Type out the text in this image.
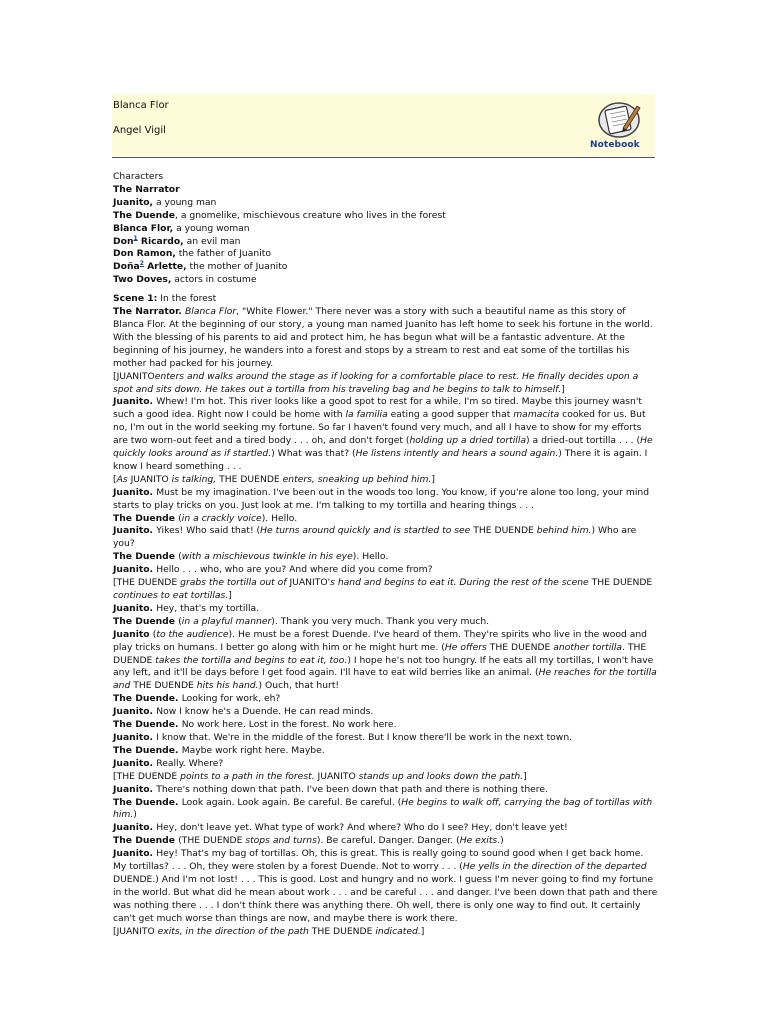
Blanca Flor
Angel Vigil
Notebook
Characters
The Narrator
Juanito, a young man
The Duende, a gnomelike, mischievous creature who lives in the forest
Blanca Flor, a young woman
Don$^1$ Ricardo, an evil man
Don Ramon, the father of Juanito
Doña$^2$ Arlette, the mother of Juanito
Two Doves, actors in costume
Scene 1: In the forest
The Narrator. Blanca Flor, "White Flower." There never was a story with such a beautiful name as this story of Blanca Flor. At the beginning of our story, a young man named Juanito has left home to seek his fortune in the world. With the blessing of his parents to aid and protect him, he has begun what will be a fantastic adventure. At the beginning of his journey, he wanders into a forest and stops by a stream to rest and eat some of the tortillas his mother had packed for his journey.
[JUANITOenters and walks around the stage as if looking for a comfortable place to rest. He finally decides upon a spot and sits down. He takes out a tortilla from his traveling bag and he begins to talk to himself.]
Juanito. Whew! I'm hot. This river looks like a good spot to rest for a while. I'm so tired. Maybe this journey wasn't such a good idea. Right now I could be home with la familia eating a good supper that mamacita cooked for us. But no, I'm out in the world seeking my fortune. So far I haven't found very much, and all I have to show for my efforts are two worn-out feet and a tired body . . . oh, and don't forget (holding up a dried tortilla) a dried-out tortilla . . . (He quickly looks around as if startled.) What was that? (He listens intently and hears a sound again.) There it is again. I know I heard something . . .
[As JUANITO is talking, THE DUENDE enters, sneaking up behind him.]
Juanito. Must be my imagination. I've been out in the woods too long. You know, if you're alone too long, your mind starts to play tricks on you. Just look at me. I'm talking to my tortilla and hearing things . . .
The Duende (in a crackly voice). Hello.
Juanito. Yikes! Who said that! (He turns around quickly and is startled to see THE DUENDE behind him.) Who are you?
The Duende (with a mischievous twinkle in his eye). Hello.
Juanito. Hello . . . who, who are you? And where did you come from?
[THE DUENDE grabs the tortilla out of JUANITO's hand and begins to eat it. During the rest of the scene THE DUENDE continues to eat tortillas.]
Juanito. Hey, that's my tortilla.
The Duende (in a playful manner). Thank you very much. Thank you very much.
Juanito (to the audience). He must be a forest Duende. I've heard of them. They're spirits who live in the wood and play tricks on humans. I better go along with him or he might hurt me. (He offers THE DUENDE another tortilla. THE DUENDE takes the tortilla and begins to eat it, too.) I hope he's not too hungry. If he eats all my tortillas, I won't have any left, and it'll be days before I get food again. I'll have to eat wild berries like an animal. (He reaches for the tortilla and THE DUENDE hits his hand.) Ouch, that hurt!
The Duende. Looking for work, eh?
Juanito. Now I know he's a Duende. He can read minds.
The Duende. No work here. Lost in the forest. No work here.
Juanito. I know that. We're in the middle of the forest. But I know there'll be work in the next town.
The Duende. Maybe work right here. Maybe.
Juanito. Really. Where?
[THE DUENDE points to a path in the forest. JUANITO stands up and looks down the path.]
Juanito. There's nothing down that path. I've been down that path and there is nothing there.
The Duende. Look again. Look again. Be careful. Be careful. (He begins to walk off, carrying the bag of tortillas with him.)
Juanito. Hey, don't leave yet. What type of work? And where? Who do I see? Hey, don't leave yet!
The Duende (THE DUENDE stops and turns). Be careful. Danger. Danger. (He exits.)
Juanito. Hey! That's my bag of tortillas. Oh, this is great. This is really going to sound good when I get back home. My tortillas? . . . Oh, they were stolen by a forest Duende. Not to worry . . . (He yells in the direction of the departed DUENDE.) And I'm not lost! . . . This is good. Lost and hungry and no work. I guess I'm never going to find my fortune in the world. But what did he mean about work . . . and be careful . . . and danger. I've been down that path and there was nothing there . . . I don't think there was anything there. Oh well, there is only one way to find out. It certainly can't get much worse than things are now, and maybe there is work there.
[JUANITO exits, in the direction of the path THE DUENDE indicated.]
